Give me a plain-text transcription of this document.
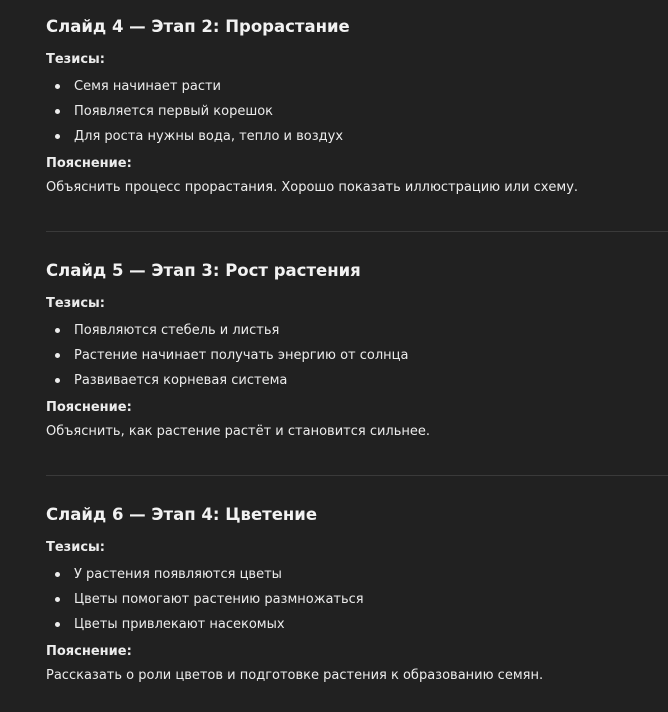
Слайд 4 — Этап 2: Прорастание

Тезисы:

Семя начинает расти
Появляется первый корешок
Для роста нужны вода, тепло и воздух

Пояснение:

Объяснить процесс прорастания. Хорошо показать иллюстрацию или схему.

Слайд 5 — Этап 3: Рост растения

Тезисы:

Появляются стебель и листья
Растение начинает получать энергию от солнца
Развивается корневая система

Пояснение:

Объяснить, как растение растёт и становится сильнее.

Слайд 6 — Этап 4: Цветение

Тезисы:

У растения появляются цветы
Цветы помогают растению размножаться
Цветы привлекают насекомых

Пояснение:

Рассказать о роли цветов и подготовке растения к образованию семян.
